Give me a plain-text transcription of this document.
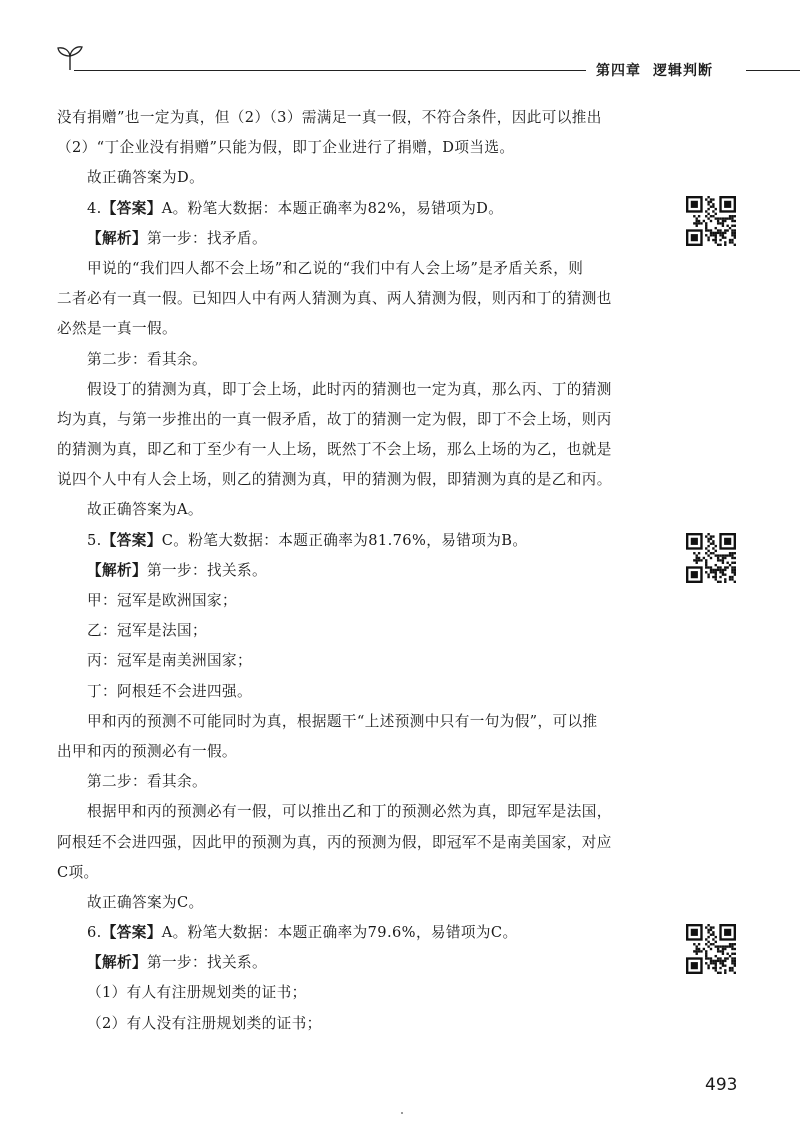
第四章 逻辑判断
没有捐赠”也一定为真，但（2）（3）需满足一真一假，不符合条件，因此可以推出
（2）“丁企业没有捐赠”只能为假，即丁企业进行了捐赠，D项当选。
故正确答案为D。
4.【答案】A。粉笔大数据：本题正确率为82%，易错项为D。
【解析】第一步：找矛盾。
甲说的“我们四人都不会上场”和乙说的“我们中有人会上场”是矛盾关系，则
二者必有一真一假。已知四人中有两人猜测为真、两人猜测为假，则丙和丁的猜测也
必然是一真一假。
第二步：看其余。
假设丁的猜测为真，即丁会上场，此时丙的猜测也一定为真，那么丙、丁的猜测
均为真，与第一步推出的一真一假矛盾，故丁的猜测一定为假，即丁不会上场，则丙
的猜测为真，即乙和丁至少有一人上场，既然丁不会上场，那么上场的为乙，也就是
说四个人中有人会上场，则乙的猜测为真，甲的猜测为假，即猜测为真的是乙和丙。
故正确答案为A。
5.【答案】C。粉笔大数据：本题正确率为81.76%，易错项为B。
【解析】第一步：找关系。
甲：冠军是欧洲国家；
乙：冠军是法国；
丙：冠军是南美洲国家；
丁：阿根廷不会进四强。
甲和丙的预测不可能同时为真，根据题干“上述预测中只有一句为假”，可以推
出甲和丙的预测必有一假。
第二步：看其余。
根据甲和丙的预测必有一假，可以推出乙和丁的预测必然为真，即冠军是法国，
阿根廷不会进四强，因此甲的预测为真，丙的预测为假，即冠军不是南美国家，对应
C项。
故正确答案为C。
6.【答案】A。粉笔大数据：本题正确率为79.6%，易错项为C。
【解析】第一步：找关系。
（1）有人有注册规划类的证书；
（2）有人没有注册规划类的证书；
493
